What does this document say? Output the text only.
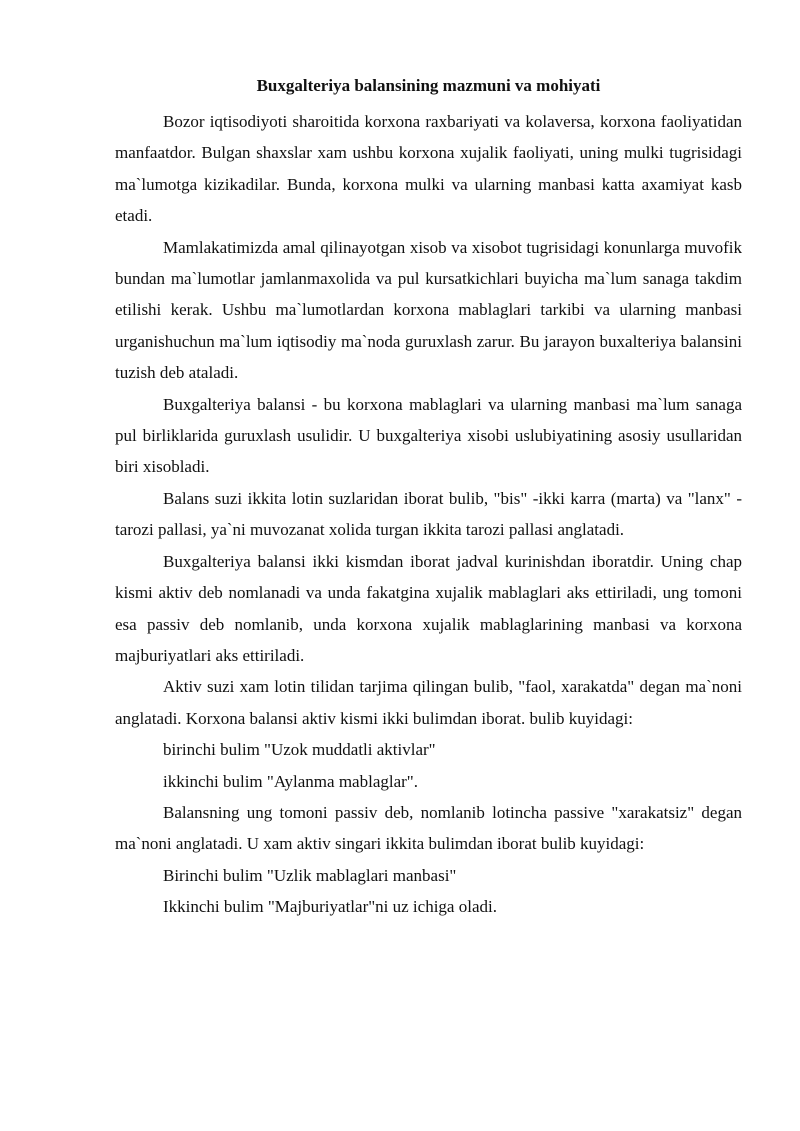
Buxgalteriya balansining mazmuni va mohiyati

Bozor iqtisodiyoti sharoitida korxona raxbariyati va kolaversa, korxona faoliyatidan manfaatdor. Bulgan shaxslar xam ushbu korxona xujalik faoliyati, uning mulki tugrisidagi ma`lumotga kizikadilar. Bunda, korxona mulki va ularning manbasi katta axamiyat kasb etadi.

Mamlakatimizda amal qilinayotgan xisob va xisobot tugrisidagi konunlarga muvofik bundan ma`lumotlar jamlanmaxolida va pul kursatkichlari buyicha ma`lum sanaga takdim etilishi kerak. Ushbu ma`lumotlardan korxona mablaglari tarkibi va ularning manbasi urganishuchun ma`lum iqtisodiy ma`noda guruxlash zarur. Bu jarayon buxalteriya balansini tuzish deb ataladi.

Buxgalteriya balansi - bu korxona mablaglari va ularning manbasi ma`lum sanaga pul birliklarida guruxlash usulidir. U buxgalteriya xisobi uslubiyatining asosiy usullaridan biri xisobladi.

Balans suzi ikkita lotin suzlaridan iborat bulib, "bis" -ikki karra (marta) va "lanx" -tarozi pallasi, ya`ni muvozanat xolida turgan ikkita tarozi pallasi anglatadi.

Buxgalteriya balansi ikki kismdan iborat jadval kurinishdan iboratdir. Uning chap kismi aktiv deb nomlanadi va unda fakatgina xujalik mablaglari aks ettiriladi, ung tomoni esa passiv deb nomlanib, unda korxona xujalik mablaglarining manbasi va korxona majburiyatlari aks ettiriladi.

Aktiv suzi xam lotin tilidan tarjima qilingan bulib, "faol, xarakatda" degan ma`noni anglatadi. Korxona balansi aktiv kismi ikki bulimdan iborat. bulib kuyidagi:

birinchi bulim "Uzok muddatli aktivlar"

ikkinchi bulim "Aylanma mablaglar".

Balansning ung tomoni passiv deb, nomlanib lotincha passive "xarakatsiz" degan ma`noni anglatadi. U xam aktiv singari ikkita bulimdan iborat bulib kuyidagi:

Birinchi bulim "Uzlik mablaglari manbasi"

Ikkinchi bulim "Majburiyatlar"ni uz ichiga oladi.
